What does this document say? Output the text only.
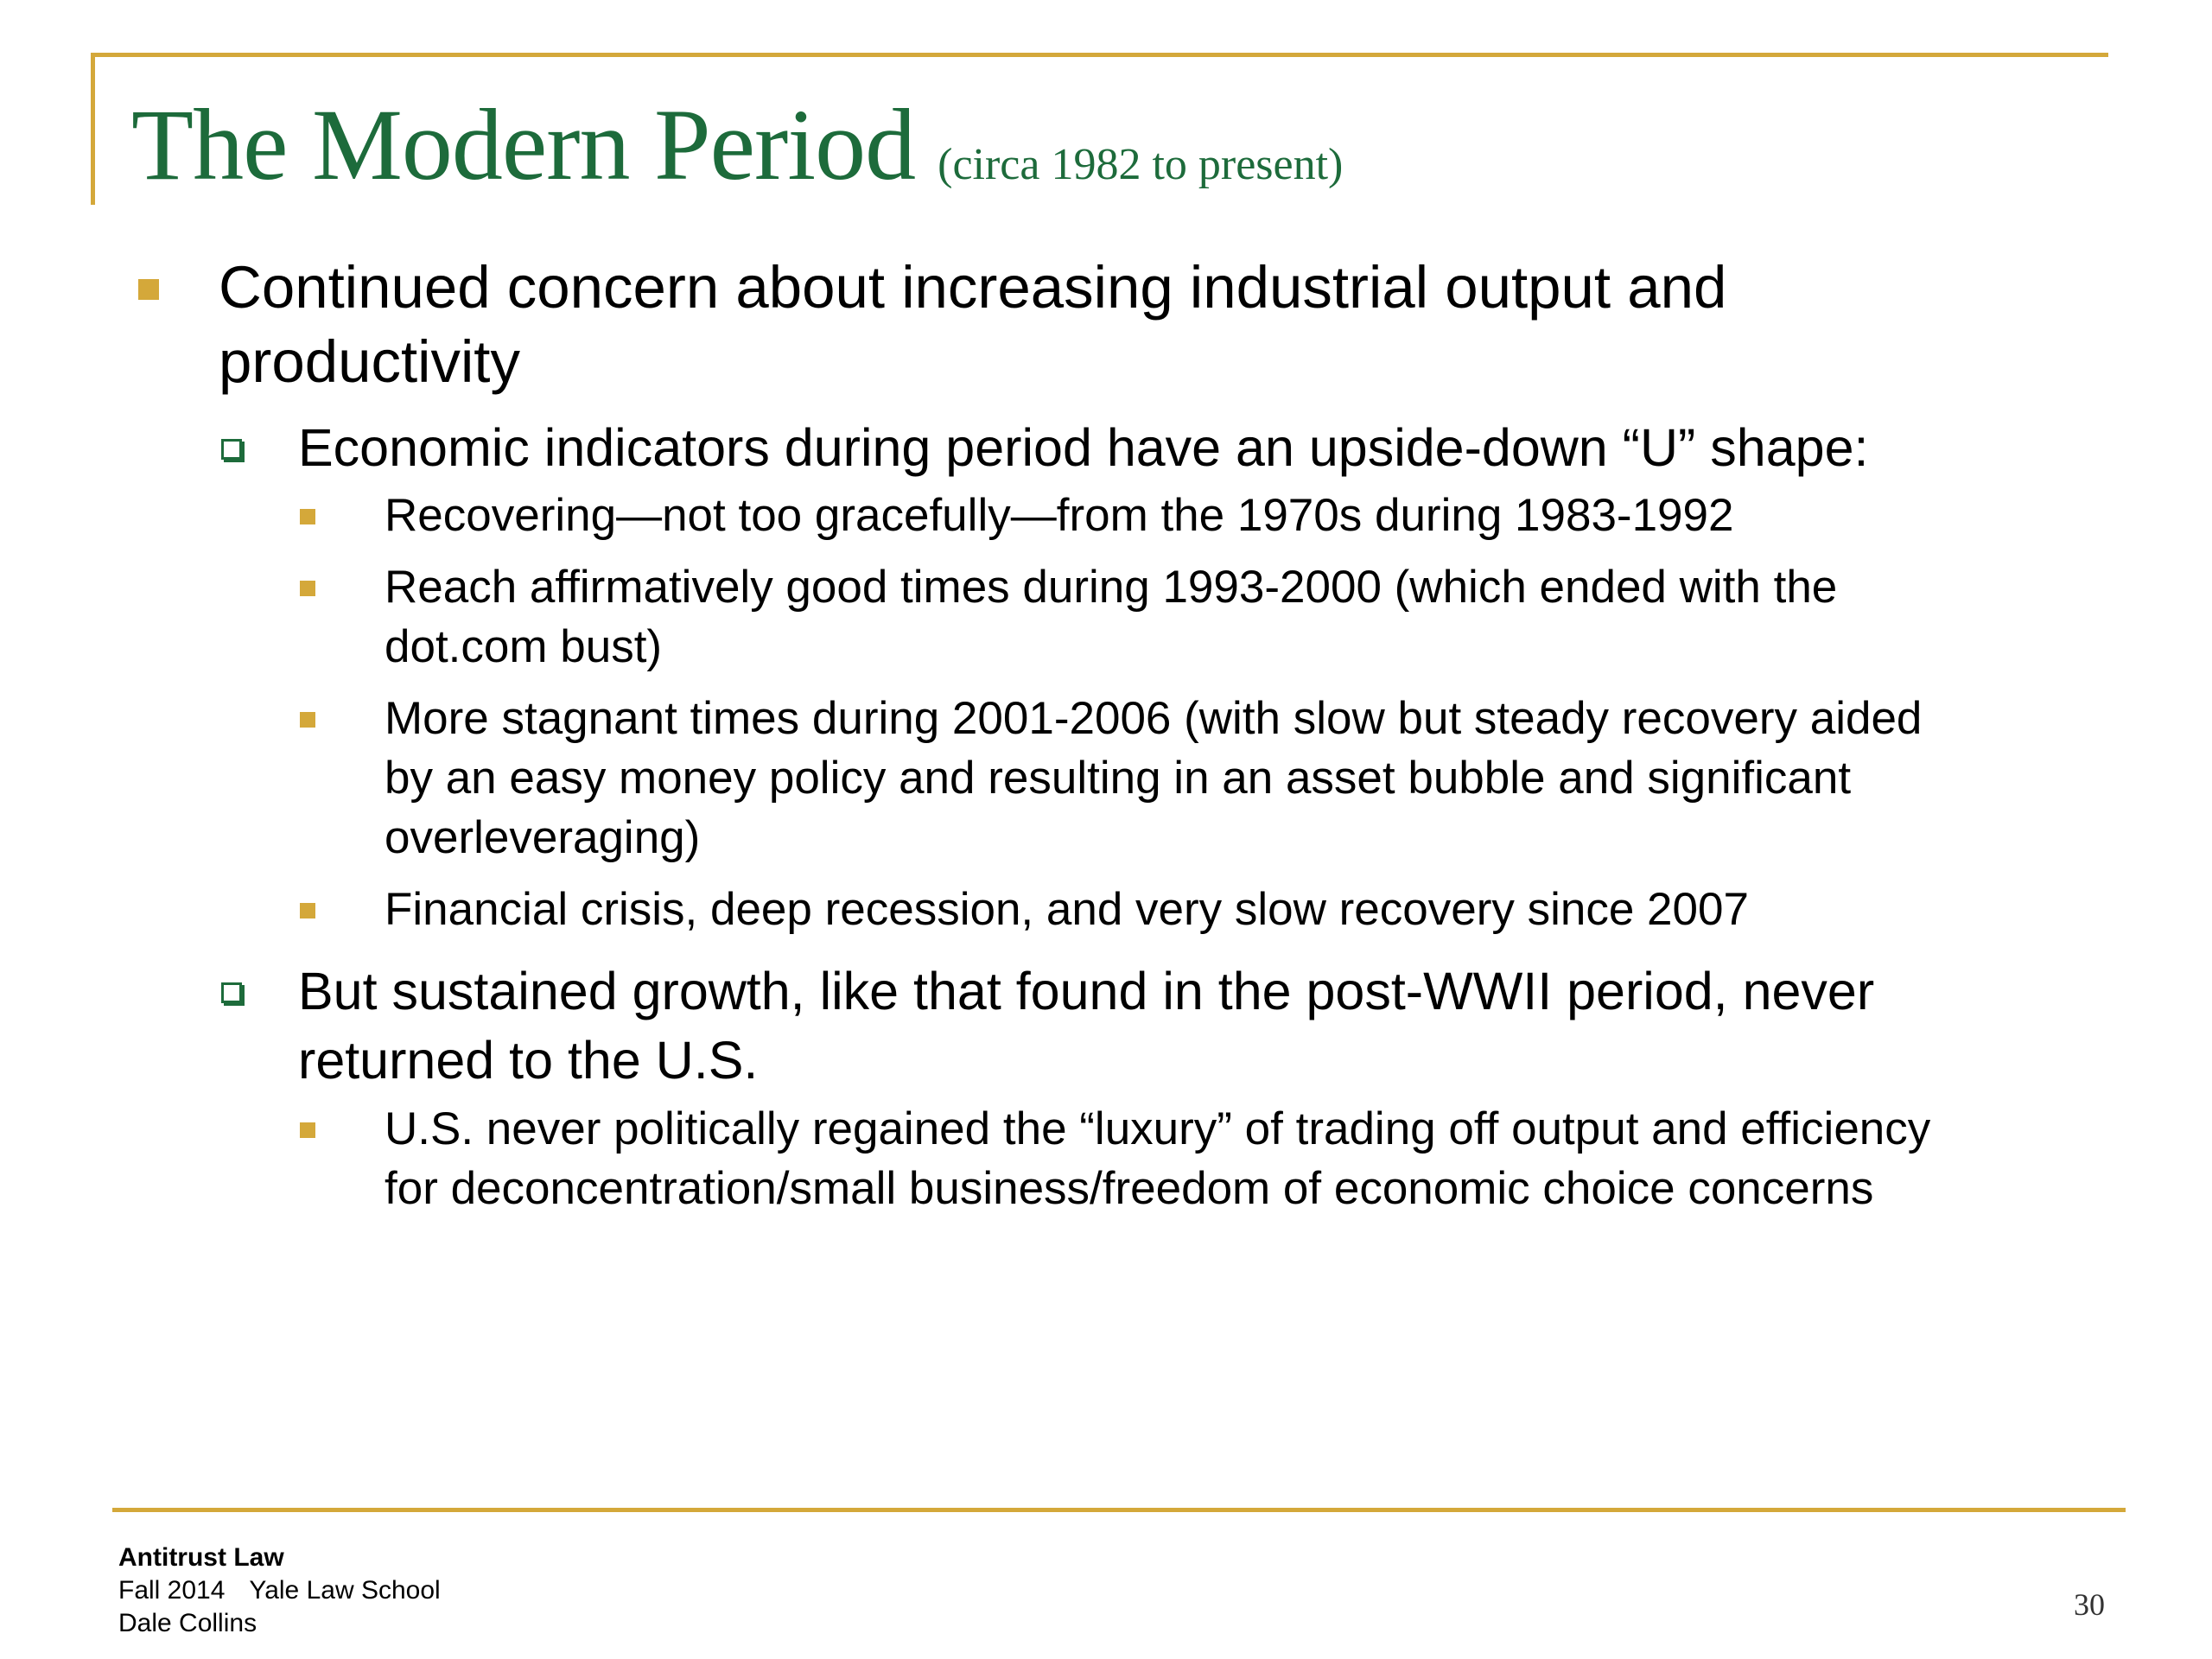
The Modern Period (circa 1982 to present)
Continued concern about increasing industrial output and
productivity
Economic indicators during period have an upside-down “U” shape:
Recovering—not too gracefully—from the 1970s during 1983-1992
Reach affirmatively good times during 1993-2000 (which ended with the
dot.com bust)
More stagnant times during 2001-2006 (with slow but steady recovery aided
by an easy money policy and resulting in an asset bubble and significant
overleveraging)
Financial crisis, deep recession, and very slow recovery since 2007
But sustained growth, like that found in the post-WWII period, never
returned to the U.S.
U.S. never politically regained the “luxury” of trading off output and efficiency
for deconcentration/small business/freedom of economic choice concerns
Antitrust Law
Fall 2014 Yale Law School
Dale Collins
30
